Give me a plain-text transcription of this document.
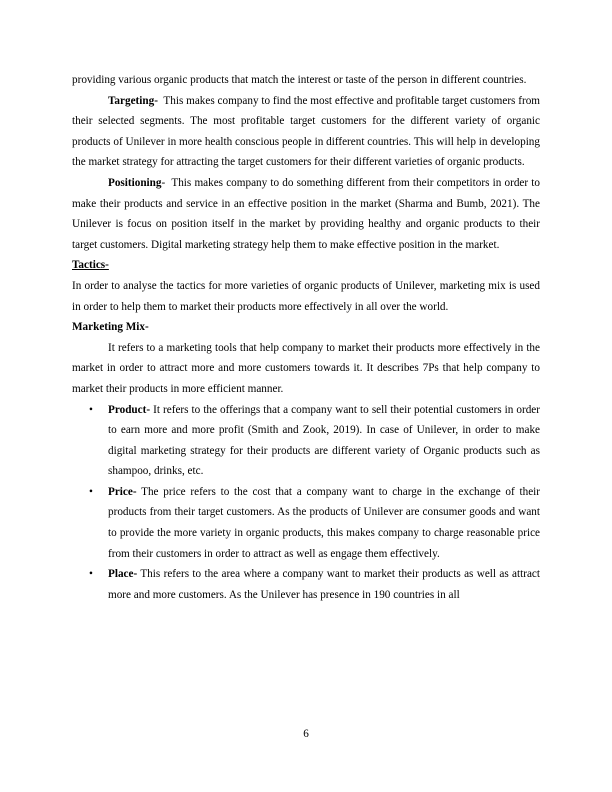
providing various organic products that match the interest or taste of the person in different countries.

Targeting-  This makes company to find the most effective and profitable target customers from their selected segments. The most profitable target customers for the different variety of organic products of Unilever in more health conscious people in different countries. This will help in developing the market strategy for attracting the target customers for their different varieties of organic products.

Positioning-  This makes company to do something different from their competitors in order to make their products and service in an effective position in the market (Sharma and Bumb, 2021). The Unilever is focus on position itself in the market by providing healthy and organic products to their target customers. Digital marketing strategy help them to make effective position in the market.

Tactics-

In order to analyse the tactics for more varieties of organic products of Unilever, marketing mix is used in order to help them to market their products more effectively in all over the world.

Marketing Mix-

It refers to a marketing tools that help company to market their products more effectively in the market in order to attract more and more customers towards it. It describes 7Ps that help company to market their products in more efficient manner.

• Product- It refers to the offerings that a company want to sell their potential customers in order to earn more and more profit (Smith and Zook, 2019). In case of Unilever, in order to make digital marketing strategy for their products are different variety of Organic products such as shampoo, drinks, etc.

• Price- The price refers to the cost that a company want to charge in the exchange of their products from their target customers. As the products of Unilever are consumer goods and want to provide the more variety in organic products, this makes company to charge reasonable price from their customers in order to attract as well as engage them effectively.

• Place- This refers to the area where a company want to market their products as well as attract more and more customers. As the Unilever has presence in 190 countries in all

6
